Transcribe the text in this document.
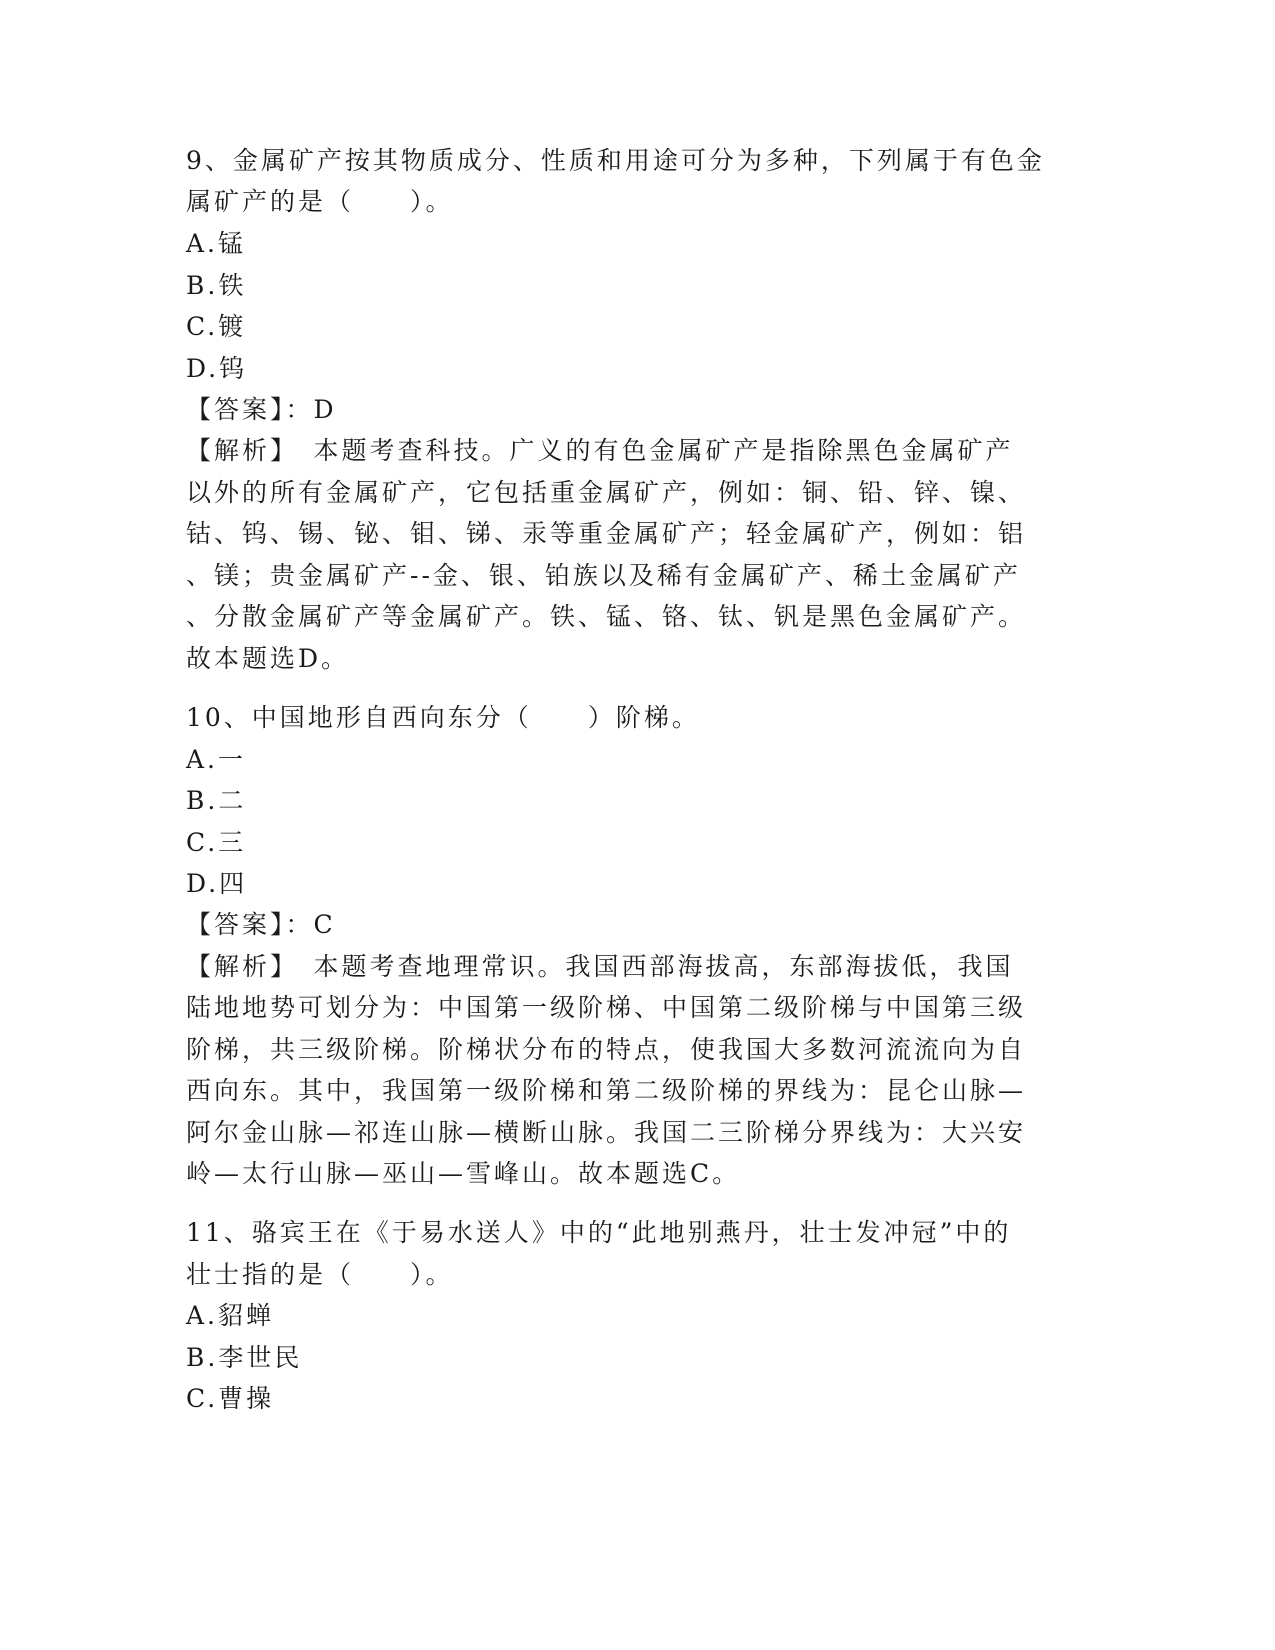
9、金属矿产按其物质成分、性质和用途可分为多种，下列属于有色金
属矿产的是（　　）。
A.锰
B.铁
C.镀
D.钨
【答案】：D
【解析】　本题考查科技。广义的有色金属矿产是指除黑色金属矿产
以外的所有金属矿产，它包括重金属矿产，例如：铜、铅、锌、镍、
钴、钨、锡、铋、钼、锑、汞等重金属矿产；轻金属矿产，例如：铝
、镁；贵金属矿产--金、银、铂族以及稀有金属矿产、稀土金属矿产
、分散金属矿产等金属矿产。铁、锰、铬、钛、钒是黑色金属矿产。
故本题选D。
10、中国地形自西向东分（　　）阶梯。
A.一
B.二
C.三
D.四
【答案】：C
【解析】　本题考查地理常识。我国西部海拔高，东部海拔低，我国
陆地地势可划分为：中国第一级阶梯、中国第二级阶梯与中国第三级
阶梯，共三级阶梯。阶梯状分布的特点，使我国大多数河流流向为自
西向东。其中，我国第一级阶梯和第二级阶梯的界线为：昆仑山脉—
阿尔金山脉—祁连山脉—横断山脉。我国二三阶梯分界线为：大兴安
岭—太行山脉—巫山—雪峰山。故本题选C。
11、骆宾王在《于易水送人》中的“此地别燕丹，壮士发冲冠”中的
壮士指的是（　　）。
A.貂蝉
B.李世民
C.曹操
